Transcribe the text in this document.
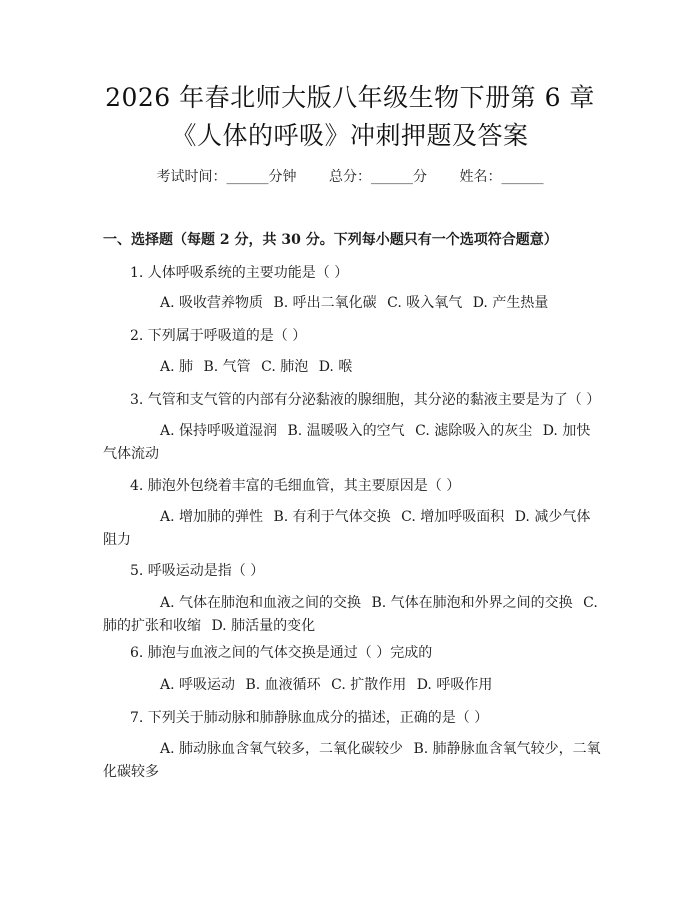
2026 年春北师大版八年级生物下册第 6 章
《人体的呼吸》冲刺押题及答案
考试时间：______分钟 总分：______分 姓名：______
一、选择题（每题 2 分，共 30 分。下列每小题只有一个选项符合题意）
1. 人体呼吸系统的主要功能是（ ）
A. 吸收营养物质 B. 呼出二氧化碳 C. 吸入氧气 D. 产生热量
2. 下列属于呼吸道的是（ ）
A. 肺 B. 气管 C. 肺泡 D. 喉
3. 气管和支气管的内部有分泌黏液的腺细胞，其分泌的黏液主要是为了（ ）
A. 保持呼吸道湿润 B. 温暖吸入的空气 C. 滤除吸入的灰尘 D. 加快
气体流动
4. 肺泡外包绕着丰富的毛细血管，其主要原因是（ ）
A. 增加肺的弹性 B. 有利于气体交换 C. 增加呼吸面积 D. 减少气体
阻力
5. 呼吸运动是指（ ）
A. 气体在肺泡和血液之间的交换 B. 气体在肺泡和外界之间的交换 C.
肺的扩张和收缩 D. 肺活量的变化
6. 肺泡与血液之间的气体交换是通过（ ）完成的
A. 呼吸运动 B. 血液循环 C. 扩散作用 D. 呼吸作用
7. 下列关于肺动脉和肺静脉血成分的描述，正确的是（ ）
A. 肺动脉血含氧气较多，二氧化碳较少 B. 肺静脉血含氧气较少，二氧
化碳较多
